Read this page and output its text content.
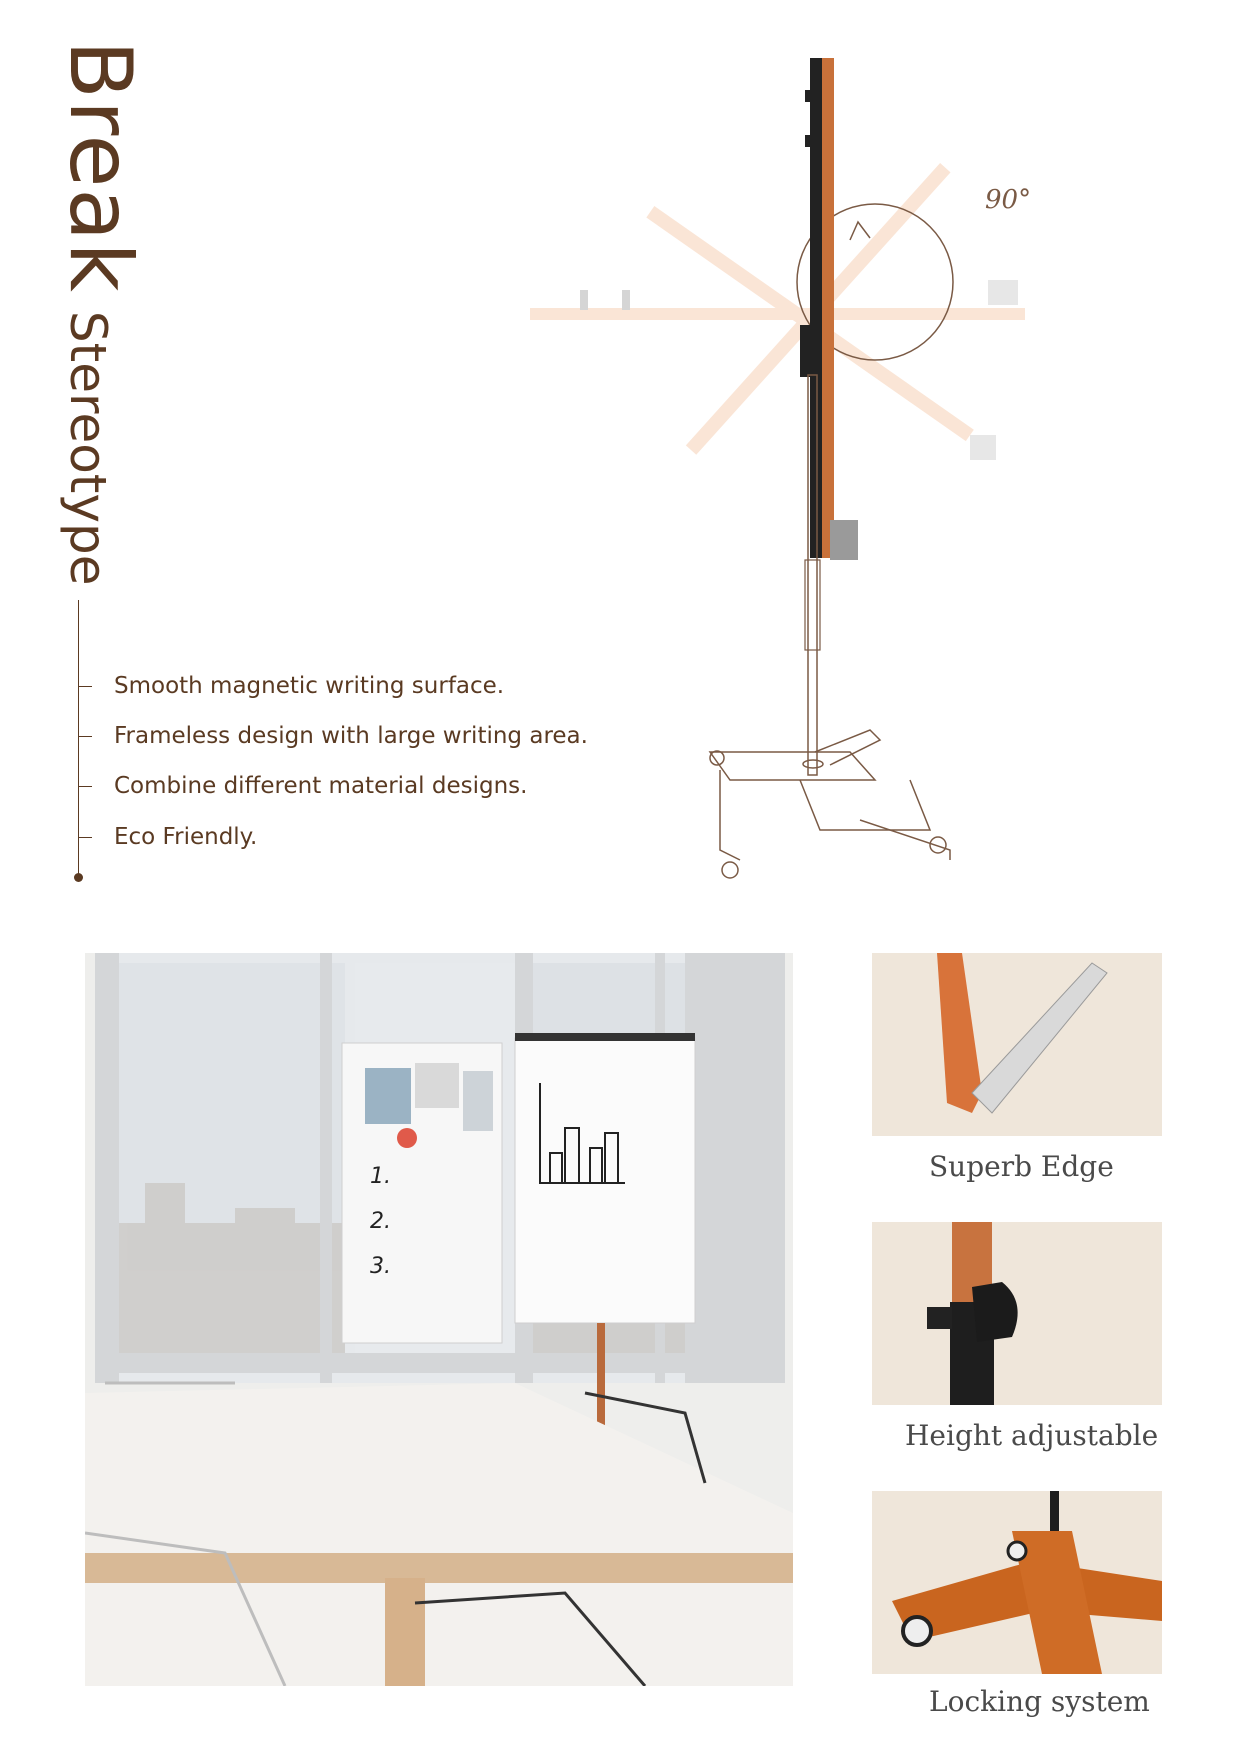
BreakStereotype
Smooth magnetic writing surface.
Frameless design with large writing area.
Combine different material designs.
Eco Friendly.
90°
1.
2.
3.
Superb Edge
Height adjustable
Locking system
